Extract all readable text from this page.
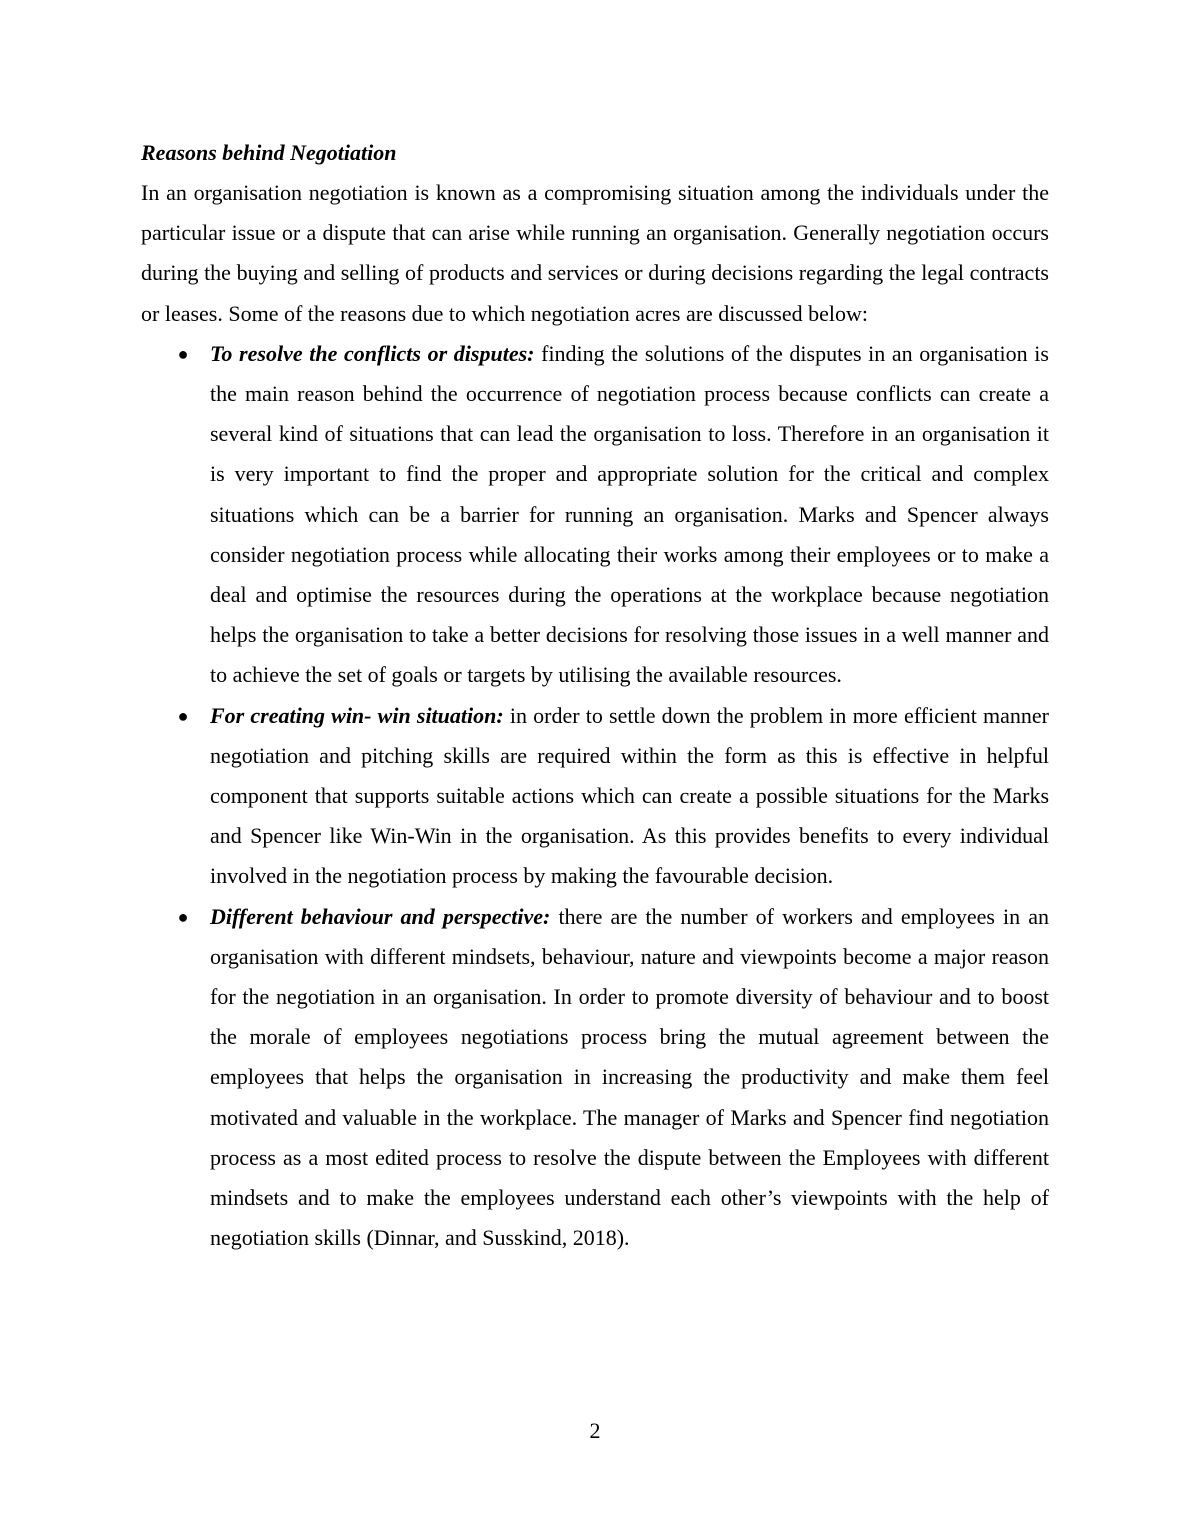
Reasons behind Negotiation

In an organisation negotiation is known as a compromising situation among the individuals under the particular issue or a dispute that can arise while running an organisation. Generally negotiation occurs during the buying and selling of products and services or during decisions regarding the legal contracts or leases. Some of the reasons due to which negotiation acres are discussed below:

● To resolve the conflicts or disputes: finding the solutions of the disputes in an organisation is the main reason behind the occurrence of negotiation process because conflicts can create a several kind of situations that can lead the organisation to loss. Therefore in an organisation it is very important to find the proper and appropriate solution for the critical and complex situations which can be a barrier for running an organisation. Marks and Spencer always consider negotiation process while allocating their works among their employees or to make a deal and optimise the resources during the operations at the workplace because negotiation helps the organisation to take a better decisions for resolving those issues in a well manner and to achieve the set of goals or targets by utilising the available resources.
● For creating win- win situation: in order to settle down the problem in more efficient manner negotiation and pitching skills are required within the form as this is effective in helpful component that supports suitable actions which can create a possible situations for the Marks and Spencer like Win-Win in the organisation. As this provides benefits to every individual involved in the negotiation process by making the favourable decision.
● Different behaviour and perspective: there are the number of workers and employees in an organisation with different mindsets, behaviour, nature and viewpoints become a major reason for the negotiation in an organisation. In order to promote diversity of behaviour and to boost the morale of employees negotiations process bring the mutual agreement between the employees that helps the organisation in increasing the productivity and make them feel motivated and valuable in the workplace. The manager of Marks and Spencer find negotiation process as a most edited process to resolve the dispute between the Employees with different mindsets and to make the employees understand each other’s viewpoints with the help of negotiation skills (Dinnar, and Susskind, 2018).
2
